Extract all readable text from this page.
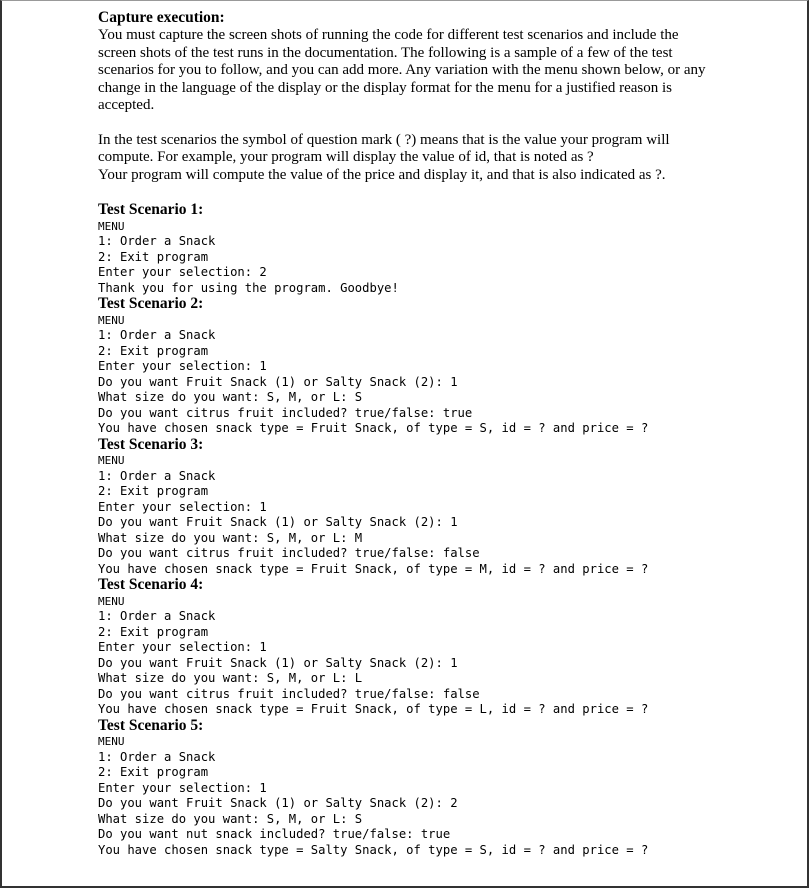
Capture execution:

You must capture the screen shots of running the code for different test scenarios and include the

screen shots of the test runs in the documentation. The following is a sample of a few of the test

scenarios for you to follow, and you can add more. Any variation with the menu shown below, or any

change in the language of the display or the display format for the menu for a justified reason is

accepted.

In the test scenarios the symbol of question mark ( ?) means that is the value your program will

compute. For example, your program will display the value of id, that is noted as ?

Your program will compute the value of the price and display it, and that is also indicated as ?.

Test Scenario 1:

MENU

1: Order a Snack

2: Exit program

Enter your selection: 2

Thank you for using the program. Goodbye!

Test Scenario 2:

MENU

1: Order a Snack

2: Exit program

Enter your selection: 1

Do you want Fruit Snack (1) or Salty Snack (2): 1

What size do you want: S, M, or L: S

Do you want citrus fruit included? true/false: true

You have chosen snack type = Fruit Snack, of type = S, id = ? and price = ?

Test Scenario 3:

MENU

1: Order a Snack

2: Exit program

Enter your selection: 1

Do you want Fruit Snack (1) or Salty Snack (2): 1

What size do you want: S, M, or L: M

Do you want citrus fruit included? true/false: false

You have chosen snack type = Fruit Snack, of type = M, id = ? and price = ?

Test Scenario 4:

MENU

1: Order a Snack

2: Exit program

Enter your selection: 1

Do you want Fruit Snack (1) or Salty Snack (2): 1

What size do you want: S, M, or L: L

Do you want citrus fruit included? true/false: false

You have chosen snack type = Fruit Snack, of type = L, id = ? and price = ?

Test Scenario 5:

MENU

1: Order a Snack

2: Exit program

Enter your selection: 1

Do you want Fruit Snack (1) or Salty Snack (2): 2

What size do you want: S, M, or L: S

Do you want nut snack included? true/false: true

You have chosen snack type = Salty Snack, of type = S, id = ? and price = ?
